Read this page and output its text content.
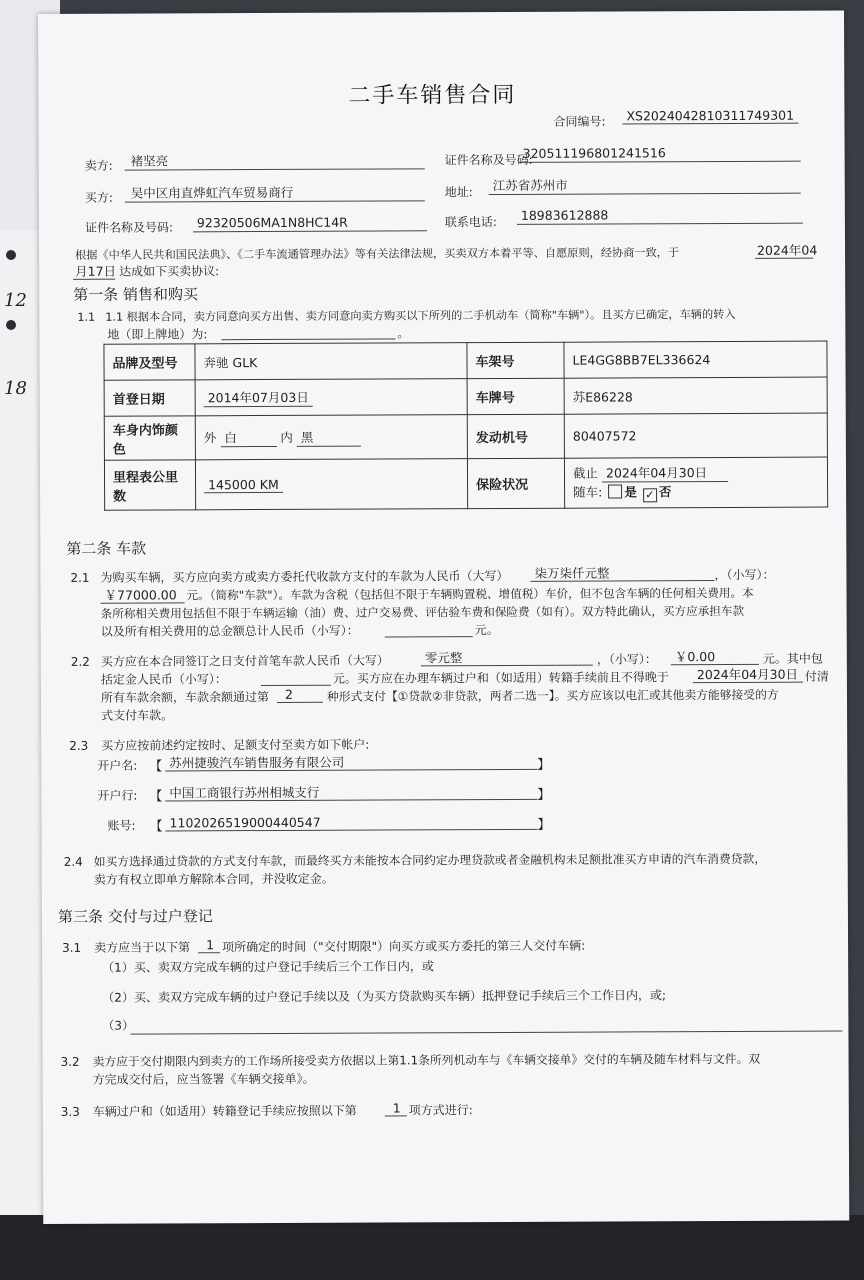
12
18
二手车销售合同
合同编号: XS2024042810311749301
卖方: 褚坚亮	证件名称及号码:
320511196801241516
买方: 吴中区甪直烨虹汽车贸易商行	地址: 江苏省苏州市
证件名称及号码: 92320506MA1N8HC14R	联系电话: 18983612888
根据《中华人民共和国民法典》、《二手车流通管理办法》等有关法律法规，买卖双方本着平等、自愿原则，经协商一致，于	2024年04
月17日 达成如下买卖协议:
第一条 销售和购买
1.1 1.1 根据本合同，卖方同意向买方出售、卖方同意向卖方购买以下所列的二手机动车（简称"车辆"）。且买方已确定，车辆的转入
地（即上牌地）为:	。
品牌及型号	奔驰 GLK	车架号	LE4GG8BB7EL336624
首登日期	2014年07月03日	车牌号	苏E86228
车身内饰颜色	外 白 内 黑	发动机号	80407572
里程表公里数	145000 KM	保险状况	截止 2024年04月30日
随车: 是 ✓ 否
第二条 车款
2.1 为购买车辆，买方应向卖方或卖方委托代收款方支付的车款为人民币（大写） 柒万柒仟元整	，（小写）：
￥77000.00 元。（简称"车款"）。车款为含税（包括但不限于车辆购置税、增值税）车价，但不包含车辆的任何相关费用。本
条所称相关费用包括但不限于车辆运输（油）费、过户交易费、评估验车费和保险费（如有）。双方特此确认，买方应承担车款
以及所有相关费用的总金额总计人民币（小写）：	元。
2.2 买方应在本合同签订之日支付首笔车款人民币（大写）	零元整	，（小写）： ￥0.00	元。其中包
括定金人民币（小写）：	元。买方应在办理车辆过户和（如适用）转籍手续前且不得晚于 2024年04月30日 付清
所有车款余额，车款余额通过第 2	种形式支付【①贷款②非贷款，两者二选一】。买方应该以电汇或其他卖方能够接受的方
式支付车款。
2.3 买方应按前述约定按时、足额支付至卖方如下帐户:
开户名: 【 苏州捷骏汽车销售服务有限公司	】
开户行: 【 中国工商银行苏州相城支行	】
账号: 【 1102026519000440547	】
2.4 如买方选择通过贷款的方式支付车款，而最终买方未能按本合同约定办理贷款或者金融机构未足额批准买方申请的汽车消费贷款，
卖方有权立即单方解除本合同，并没收定金。
第三条 交付与过户登记
3.1 卖方应当于以下第 1 项所确定的时间（"交付期限"）向买方或买方委托的第三人交付车辆:
（1）买、卖双方完成车辆的过户登记手续后三个工作日内，或
（2）买、卖双方完成车辆的过户登记手续以及（为买方贷款购买车辆）抵押登记手续后三个工作日内，或;
（3）
3.2 卖方应于交付期限内到卖方的工作场所接受卖方依据以上第1.1条所列机动车与《车辆交接单》交付的车辆及随车材料与文件。双
方完成交付后，应当签署《车辆交接单》。
3.3 车辆过户和（如适用）转籍登记手续应按照以下第	1 项方式进行:
